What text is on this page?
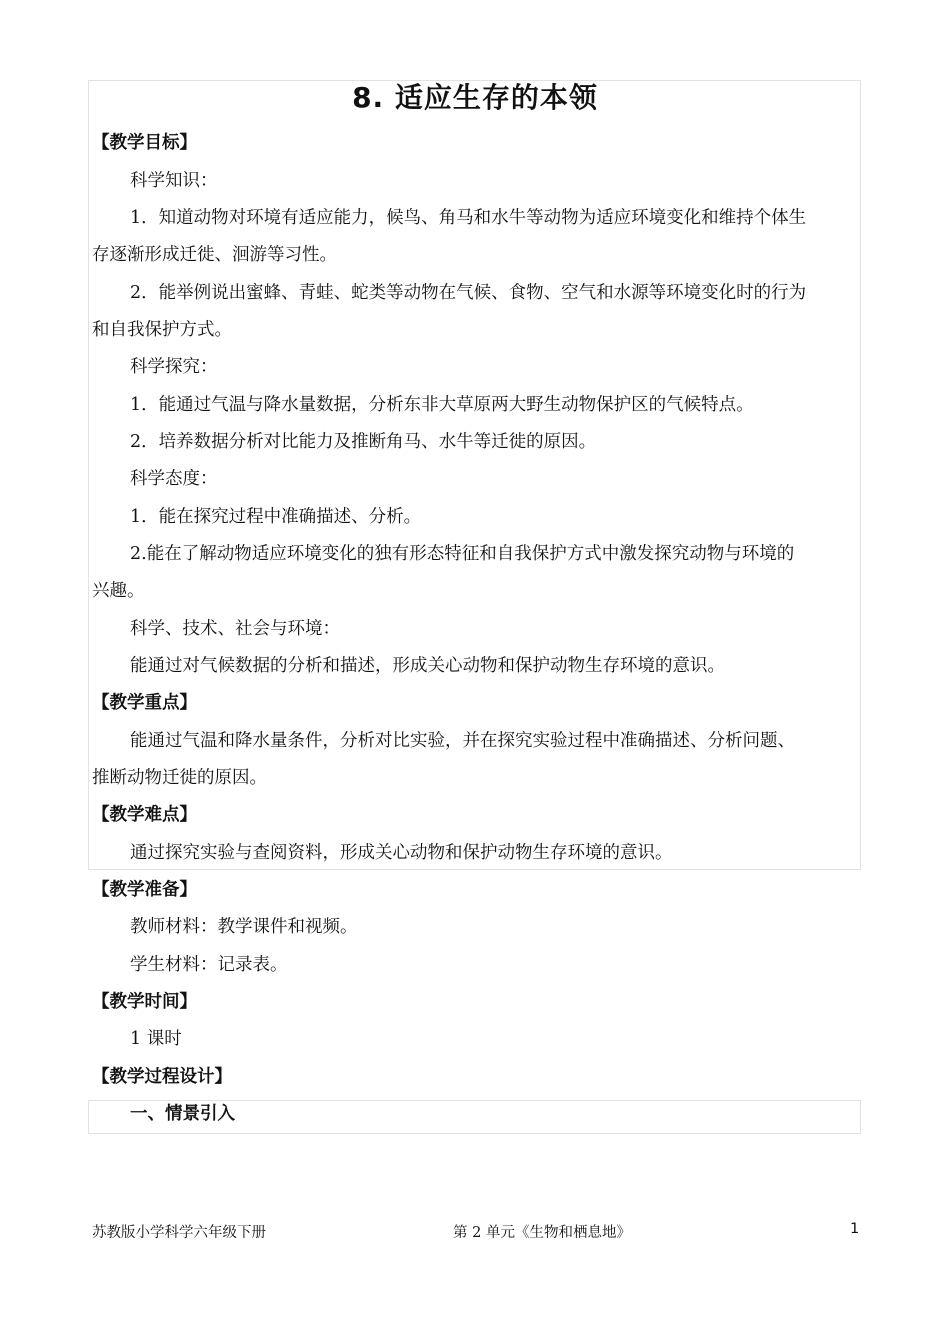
8. 适应生存的本领
【教学目标】
科学知识：
1．知道动物对环境有适应能力，候鸟、角马和水牛等动物为适应环境变化和维持个体生
存逐渐形成迁徙、洄游等习性。
2．能举例说出蜜蜂、青蛙、蛇类等动物在气候、食物、空气和水源等环境变化时的行为
和自我保护方式。
科学探究：
1．能通过气温与降水量数据，分析东非大草原两大野生动物保护区的气候特点。
2．培养数据分析对比能力及推断角马、水牛等迁徙的原因。
科学态度：
1．能在探究过程中准确描述、分析。
2.能在了解动物适应环境变化的独有形态特征和自我保护方式中激发探究动物与环境的
兴趣。
科学、技术、社会与环境：
能通过对气候数据的分析和描述，形成关心动物和保护动物生存环境的意识。
【教学重点】
能通过气温和降水量条件，分析对比实验，并在探究实验过程中准确描述、分析问题、
推断动物迁徙的原因。
【教学难点】
通过探究实验与查阅资料，形成关心动物和保护动物生存环境的意识。
【教学准备】
教师材料：教学课件和视频。
学生材料：记录表。
【教学时间】
1 课时
【教学过程设计】
一、情景引入
苏教版小学科学六年级下册	第 2 单元《生物和栖息地》	1
